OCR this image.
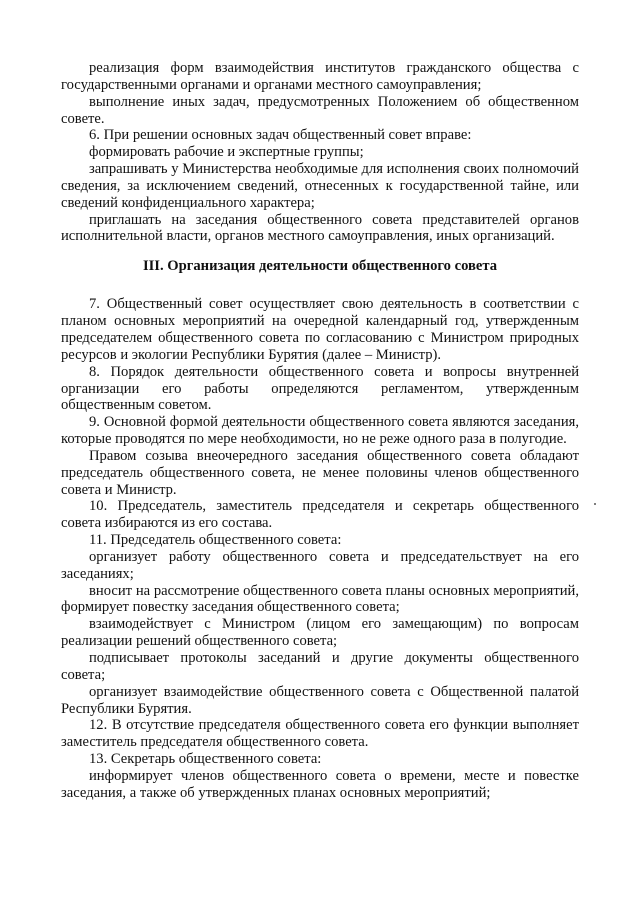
реализация форм взаимодействия институтов гражданского общества с государственными органами и органами местного самоуправления;

выполнение иных задач, предусмотренных Положением об общественном совете.

6. При решении основных задач общественный совет вправе:

формировать рабочие и экспертные группы;

запрашивать у Министерства необходимые для исполнения своих полномочий сведения, за исключением сведений, отнесенных к государственной тайне, или сведений конфиденциального характера;

приглашать на заседания общественного совета представителей органов исполнительной власти, органов местного самоуправления, иных организаций.

III. Организация деятельности общественного совета

7. Общественный совет осуществляет свою деятельность в соответствии с планом основных мероприятий на очередной календарный год, утвержденным председателем общественного совета по согласованию с Министром природных ресурсов и экологии Республики Бурятия (далее – Министр).

8. Порядок деятельности общественного совета и вопросы внутренней организации его работы определяются регламентом, утвержденным общественным советом.

9. Основной формой деятельности общественного совета являются заседания, которые проводятся по мере необходимости, но не реже одного раза в полугодие.

Правом созыва внеочередного заседания общественного совета обладают председатель общественного совета, не менее половины членов общественного совета и Министр.

10. Председатель, заместитель председателя и секретарь общественного совета избираются из его состава.

11. Председатель общественного совета:

организует работу общественного совета и председательствует на его заседаниях;

вносит на рассмотрение общественного совета планы основных мероприятий, формирует повестку заседания общественного совета;

взаимодействует с Министром (лицом его замещающим) по вопросам реализации решений общественного совета;

подписывает протоколы заседаний и другие документы общественного совета;

организует взаимодействие общественного совета с Общественной палатой Республики Бурятия.

12. В отсутствие председателя общественного совета его функции выполняет заместитель председателя общественного совета.

13. Секретарь общественного совета:

информирует членов общественного совета о времени, месте и повестке заседания, а также об утвержденных планах основных мероприятий;
